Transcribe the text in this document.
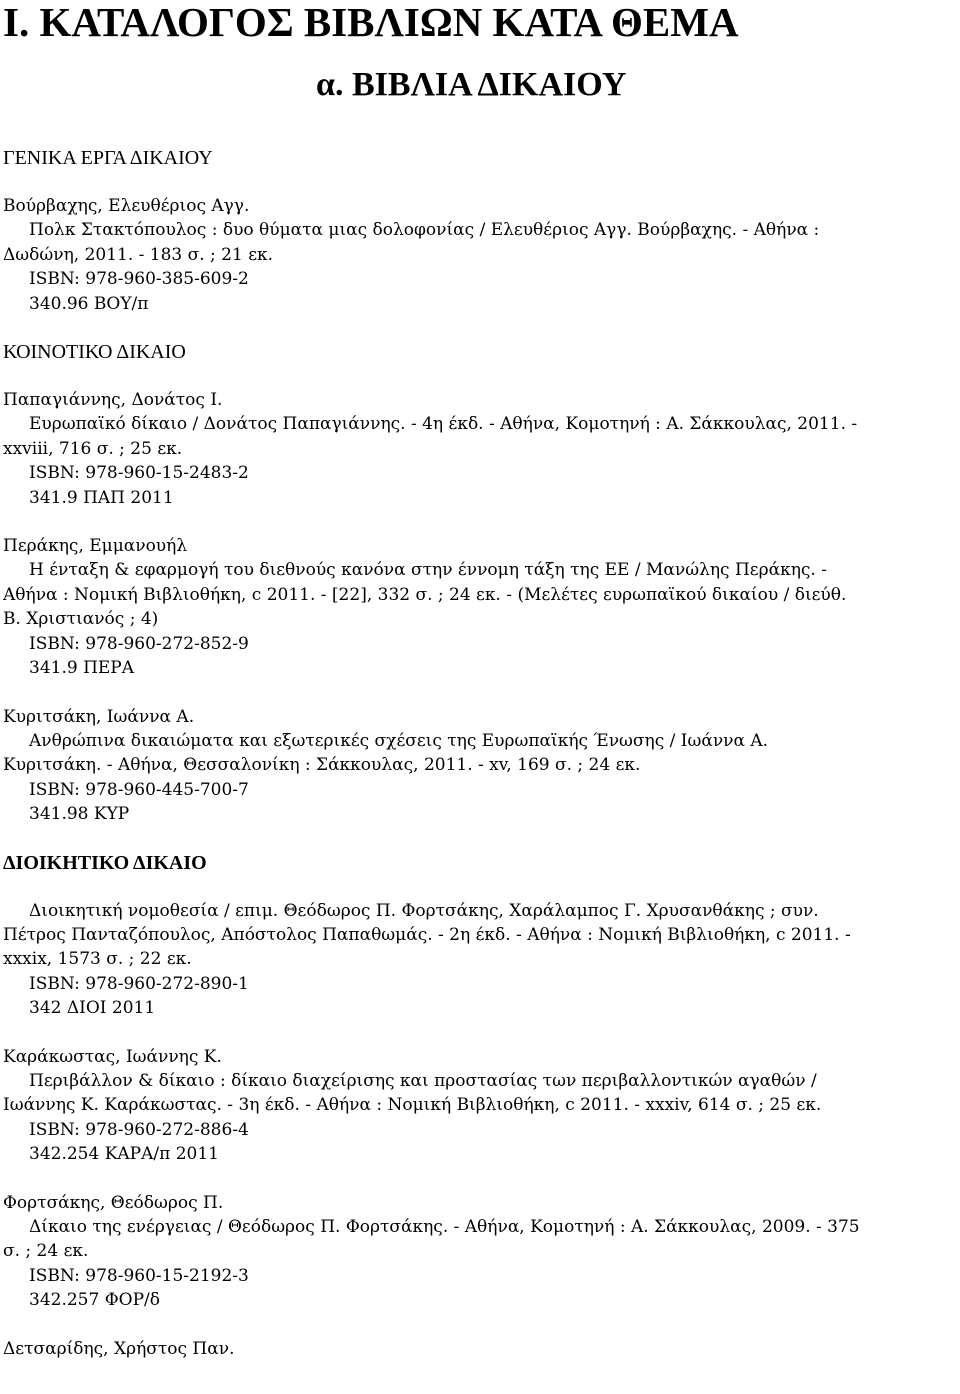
Ι. ΚΑΤΑΛΟΓΟΣ ΒΙΒΛΙΩΝ ΚΑΤΑ ΘΕΜΑ
α. ΒΙΒΛΙΑ ΔΙΚΑΙΟΥ
ΓΕΝΙΚΑ ΕΡΓΑ ΔΙΚΑΙΟΥ
Βούρβαχης, Ελευθέριος Αγγ.
Πολκ Στακτόπουλος : δυο θύματα μιας δολοφονίας / Ελευθέριος Αγγ. Βούρβαχης. - Αθήνα :
Δωδώνη, 2011. - 183 σ. ; 21 εκ.
ISBN: 978-960-385-609-2
340.96 ΒΟΥ/π
ΚΟΙΝΟΤΙΚΟ ΔΙΚΑΙΟ
Παπαγιάννης, Δονάτος Ι.
Ευρωπαϊκό δίκαιο / Δονάτος Παπαγιάννης. - 4η έκδ. - Αθήνα, Κομοτηνή : Α. Σάκκουλας, 2011. -
xxviii, 716 σ. ; 25 εκ.
ISBN: 978-960-15-2483-2
341.9 ΠΑΠ 2011
Περάκης, Εμμανουήλ
Η ένταξη & εφαρμογή του διεθνούς κανόνα στην έννομη τάξη της ΕΕ / Μανώλης Περάκης. -
Αθήνα : Νομική Βιβλιοθήκη, c 2011. - [22], 332 σ. ; 24 εκ. - (Μελέτες ευρωπαϊκού δικαίου / διεύθ.
Β. Χριστιανός ; 4)
ISBN: 978-960-272-852-9
341.9 ΠΕΡΑ
Κυριτσάκη, Ιωάννα Α.
Ανθρώπινα δικαιώματα και εξωτερικές σχέσεις της Ευρωπαϊκής Ένωσης / Ιωάννα Α.
Κυριτσάκη. - Αθήνα, Θεσσαλονίκη : Σάκκουλας, 2011. - xv, 169 σ. ; 24 εκ.
ISBN: 978-960-445-700-7
341.98 ΚΥΡ
ΔΙΟΙΚΗΤΙΚΟ ΔΙΚΑΙΟ
Διοικητική νομοθεσία / επιμ. Θεόδωρος Π. Φορτσάκης, Χαράλαμπος Γ. Χρυσανθάκης ; συν.
Πέτρος Πανταζόπουλος, Απόστολος Παπαθωμάς. - 2η έκδ. - Αθήνα : Νομική Βιβλιοθήκη, c 2011. -
xxxix, 1573 σ. ; 22 εκ.
ISBN: 978-960-272-890-1
342 ΔΙΟΙ 2011
Καράκωστας, Ιωάννης Κ.
Περιβάλλον & δίκαιο : δίκαιο διαχείρισης και προστασίας των περιβαλλοντικών αγαθών /
Ιωάννης Κ. Καράκωστας. - 3η έκδ. - Αθήνα : Νομική Βιβλιοθήκη, c 2011. - xxxiv, 614 σ. ; 25 εκ.
ISBN: 978-960-272-886-4
342.254 ΚΑΡΑ/π 2011
Φορτσάκης, Θεόδωρος Π.
Δίκαιο της ενέργειας / Θεόδωρος Π. Φορτσάκης. - Αθήνα, Κομοτηνή : Α. Σάκκουλας, 2009. - 375
σ. ; 24 εκ.
ISBN: 978-960-15-2192-3
342.257 ΦΟΡ/δ
Δετσαρίδης, Χρήστος Παν.
